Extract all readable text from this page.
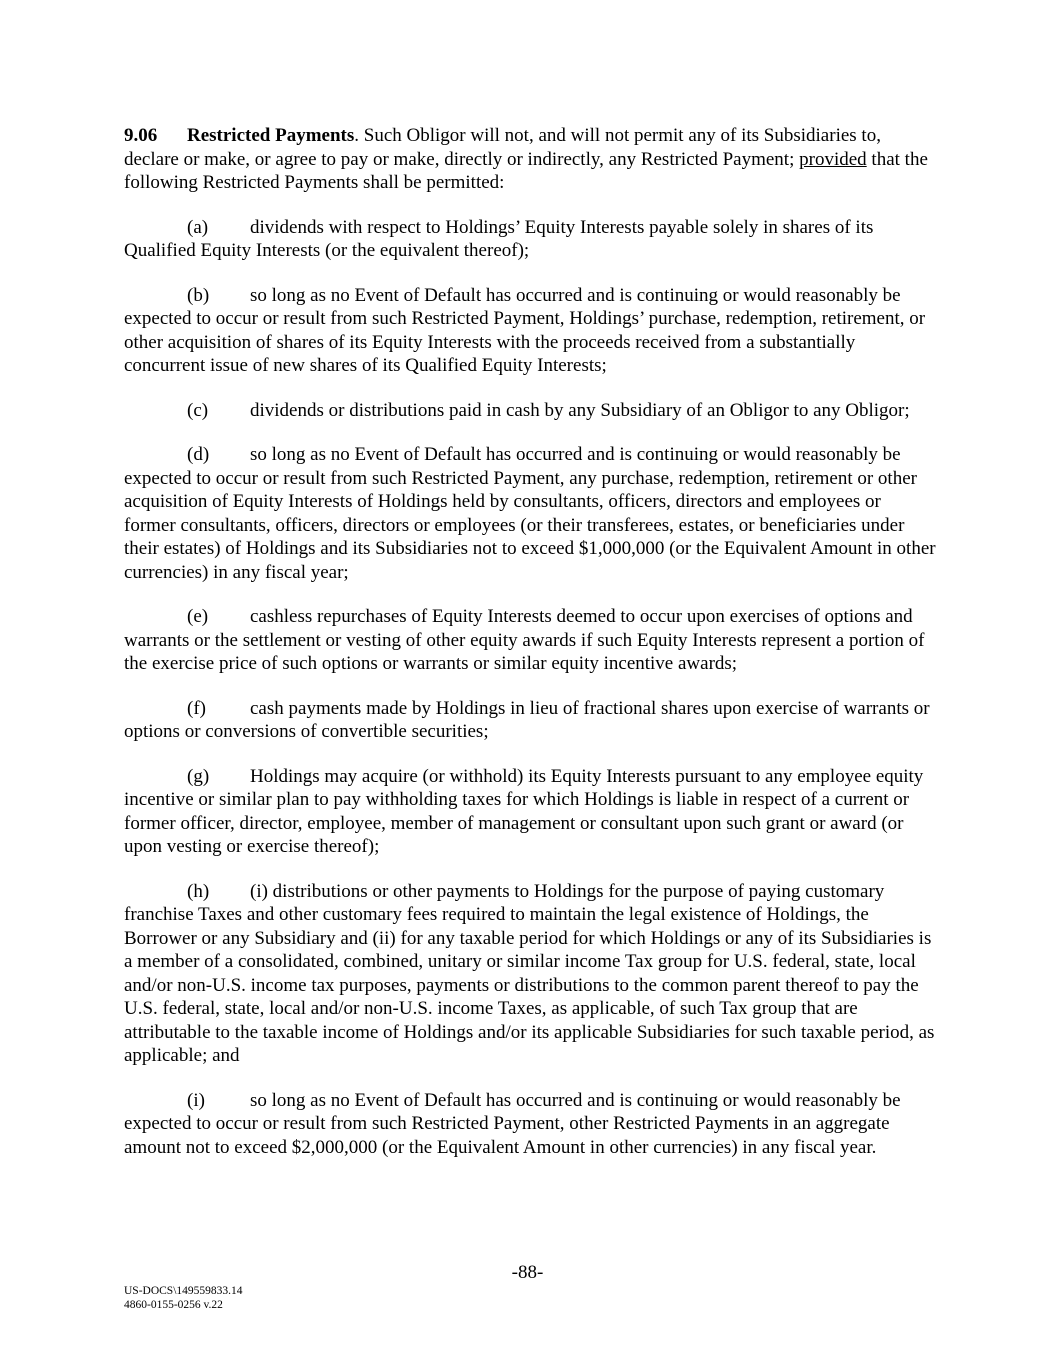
9.06 Restricted Payments. Such Obligor will not, and will not permit any of its Subsidiaries to, declare or make, or agree to pay or make, directly or indirectly, any Restricted Payment; provided that the following Restricted Payments shall be permitted:

(a) dividends with respect to Holdings’ Equity Interests payable solely in shares of its Qualified Equity Interests (or the equivalent thereof);

(b) so long as no Event of Default has occurred and is continuing or would reasonably be expected to occur or result from such Restricted Payment, Holdings’ purchase, redemption, retirement, or other acquisition of shares of its Equity Interests with the proceeds received from a substantially concurrent issue of new shares of its Qualified Equity Interests;

(c) dividends or distributions paid in cash by any Subsidiary of an Obligor to any Obligor;

(d) so long as no Event of Default has occurred and is continuing or would reasonably be expected to occur or result from such Restricted Payment, any purchase, redemption, retirement or other acquisition of Equity Interests of Holdings held by consultants, officers, directors and employees or former consultants, officers, directors or employees (or their transferees, estates, or beneficiaries under their estates) of Holdings and its Subsidiaries not to exceed $1,000,000 (or the Equivalent Amount in other currencies) in any fiscal year;

(e) cashless repurchases of Equity Interests deemed to occur upon exercises of options and warrants or the settlement or vesting of other equity awards if such Equity Interests represent a portion of the exercise price of such options or warrants or similar equity incentive awards;

(f) cash payments made by Holdings in lieu of fractional shares upon exercise of warrants or options or conversions of convertible securities;

(g) Holdings may acquire (or withhold) its Equity Interests pursuant to any employee equity incentive or similar plan to pay withholding taxes for which Holdings is liable in respect of a current or former officer, director, employee, member of management or consultant upon such grant or award (or upon vesting or exercise thereof);

(h) (i) distributions or other payments to Holdings for the purpose of paying customary franchise Taxes and other customary fees required to maintain the legal existence of Holdings, the Borrower or any Subsidiary and (ii) for any taxable period for which Holdings or any of its Subsidiaries is a member of a consolidated, combined, unitary or similar income Tax group for U.S. federal, state, local and/or non-U.S. income tax purposes, payments or distributions to the common parent thereof to pay the U.S. federal, state, local and/or non-U.S. income Taxes, as applicable, of such Tax group that are attributable to the taxable income of Holdings and/or its applicable Subsidiaries for such taxable period, as applicable; and

(i) so long as no Event of Default has occurred and is continuing or would reasonably be expected to occur or result from such Restricted Payment, other Restricted Payments in an aggregate amount not to exceed $2,000,000 (or the Equivalent Amount in other currencies) in any fiscal year.

-88-
US-DOCS\149559833.14
4860-0155-0256 v.22
